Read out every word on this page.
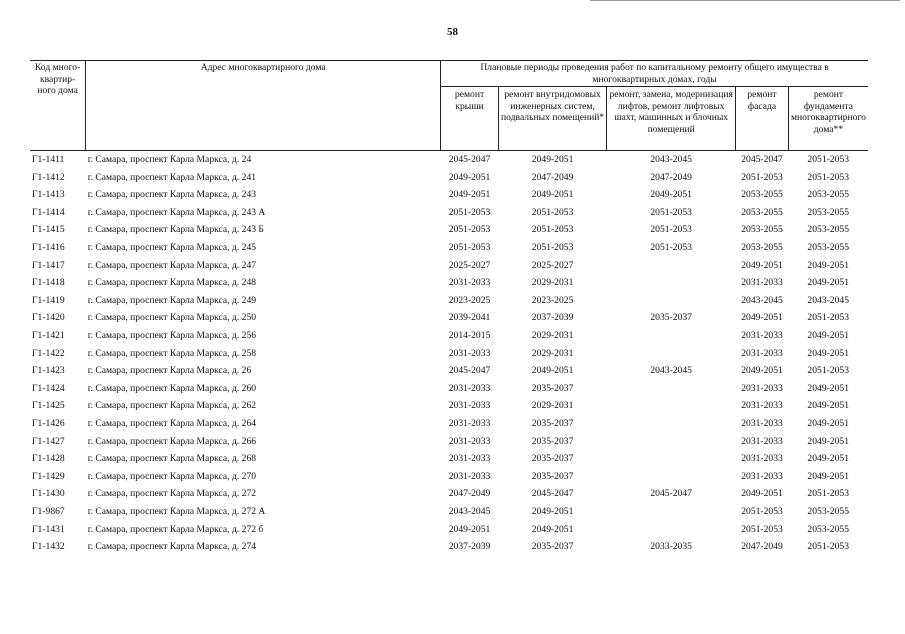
58
Код много-квартир-ного дома	Адрес многоквартирного дома	Плановые периоды проведения работ по капитальному ремонту общего имущества в многоквартирных домах, годы				
		ремонт крыши	ремонт внутридомовых инженерных систем, подвальных помещений*	ремонт, замена, модернизация лифтов, ремонт лифтовых шахт, машинных и блочных помещений	ремонт фасада	ремонт фундамента многоквартирного дома**
Г1-1411	г. Самара, проспект Карла Маркса, д. 24	2045-2047	2049-2051	2043-2045	2045-2047	2051-2053
Г1-1412	г. Самара, проспект Карла Маркса, д. 241	2049-2051	2047-2049	2047-2049	2051-2053	2051-2053
Г1-1413	г. Самара, проспект Карла Маркса, д. 243	2049-2051	2049-2051	2049-2051	2053-2055	2053-2055
Г1-1414	г. Самара, проспект Карла Маркса, д. 243 А	2051-2053	2051-2053	2051-2053	2053-2055	2053-2055
Г1-1415	г. Самара, проспект Карла Маркса, д. 243 Б	2051-2053	2051-2053	2051-2053	2053-2055	2053-2055
Г1-1416	г. Самара, проспект Карла Маркса, д. 245	2051-2053	2051-2053	2051-2053	2053-2055	2053-2055
Г1-1417	г. Самара, проспект Карла Маркса, д. 247	2025-2027	2025-2027		2049-2051	2049-2051
Г1-1418	г. Самара, проспект Карла Маркса, д. 248	2031-2033	2029-2031		2031-2033	2049-2051
Г1-1419	г. Самара, проспект Карла Маркса, д. 249	2023-2025	2023-2025		2043-2045	2043-2045
Г1-1420	г. Самара, проспект Карла Маркса, д. 250	2039-2041	2037-2039	2035-2037	2049-2051	2051-2053
Г1-1421	г. Самара, проспект Карла Маркса, д. 256	2014-2015	2029-2031		2031-2033	2049-2051
Г1-1422	г. Самара, проспект Карла Маркса, д. 258	2031-2033	2029-2031		2031-2033	2049-2051
Г1-1423	г. Самара, проспект Карла Маркса, д. 26	2045-2047	2049-2051	2043-2045	2049-2051	2051-2053
Г1-1424	г. Самара, проспект Карла Маркса, д. 260	2031-2033	2035-2037		2031-2033	2049-2051
Г1-1425	г. Самара, проспект Карла Маркса, д. 262	2031-2033	2029-2031		2031-2033	2049-2051
Г1-1426	г. Самара, проспект Карла Маркса, д. 264	2031-2033	2035-2037		2031-2033	2049-2051
Г1-1427	г. Самара, проспект Карла Маркса, д. 266	2031-2033	2035-2037		2031-2033	2049-2051
Г1-1428	г. Самара, проспект Карла Маркса, д. 268	2031-2033	2035-2037		2031-2033	2049-2051
Г1-1429	г. Самара, проспект Карла Маркса, д. 270	2031-2033	2035-2037		2031-2033	2049-2051
Г1-1430	г. Самара, проспект Карла Маркса, д. 272	2047-2049	2045-2047	2045-2047	2049-2051	2051-2053
Г1-9867	г. Самара, проспект Карла Маркса, д. 272 А	2043-2045	2049-2051		2051-2053	2053-2055
Г1-1431	г. Самара, проспект Карла Маркса, д. 272 б	2049-2051	2049-2051		2051-2053	2053-2055
Г1-1432	г. Самара, проспект Карла Маркса, д. 274	2037-2039	2035-2037	2033-2035	2047-2049	2051-2053
